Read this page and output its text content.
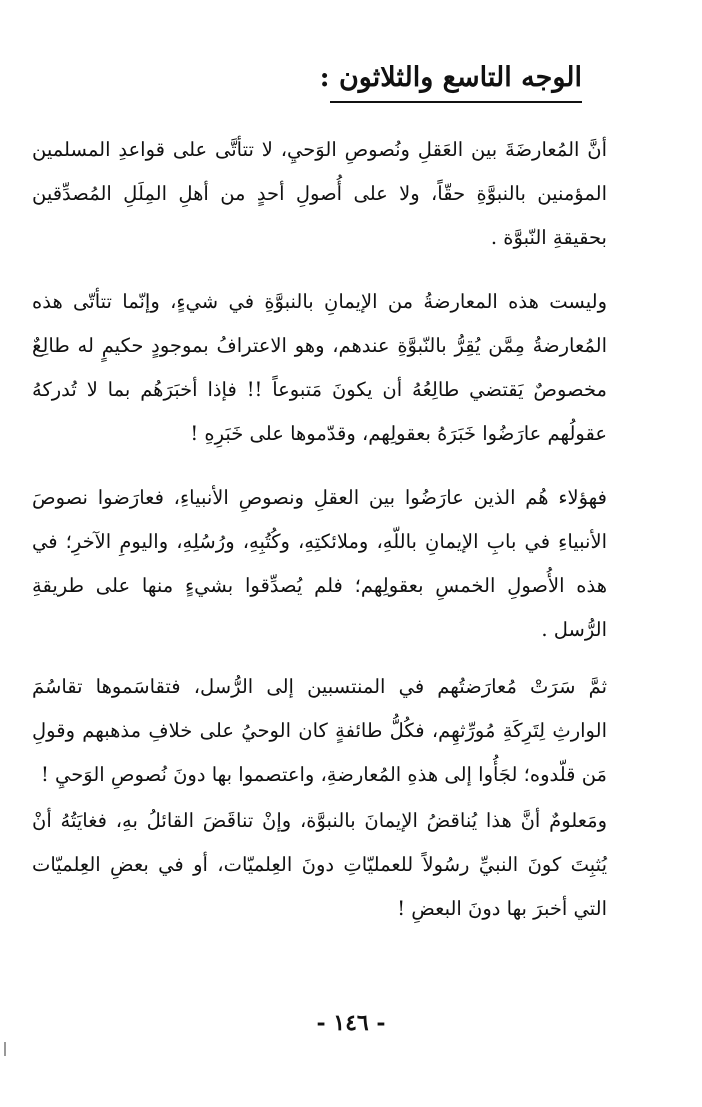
الوجه التاسع والثلاثون :
أنَّ المُعارضَةَ بين العَقلِ ونُصوصِ الوَحيِ، لا تتأتَّى على قواعدِ المسلمين المؤمنين بالنبوَّةِ حقّاً، ولا على أُصولِ أحدٍ من أهلِ المِلَلِ المُصدِّقين بحقيقةِ النّبوَّة .
وليست هذه المعارضةُ من الإيمانِ بالنبوَّةِ في شيءٍ، وإنّما تتأتّى هذه المُعارضةُ مِمَّن يُقِرُّ بالنّبوَّةِ عندهم، وهو الاعترافُ بموجودٍ حكيمٍ له طالِعٌ مخصوصٌ يَقتضي طالِعُهُ أن يكونَ مَتبوعاً !! فإذا أخبَرَهُم بما لا تُدركهُ عقولُهم عارَضُوا خَبَرَهُ بعقولِهم، وقدّموها على خَبَرِهِ !
فهؤلاء هُم الذين عارَضُوا بين العقلِ ونصوصِ الأنبياءِ، فعارَضوا نصوصَ الأنبياءِ في بابِ الإيمانِ باللّهِ، وملائكتِهِ، وكُتُبِهِ، ورُسُلِهِ، واليومِ الآخرِ؛ في هذه الأُصولِ الخمسِ بعقولِهم؛ فلم يُصدِّقوا بشيءٍ منها على طريقةِ الرُّسل .
ثمَّ سَرَتْ مُعارَضتُهم في المنتسبين إلى الرُّسل، فتقاسَموها تقاسُمَ الوارثِ لِتَرِكَةِ مُورِّثهِم، فكُلُّ طائفةٍ كان الوحيُ على خلافِ مذهبهم وقولِ مَن قلّدوه؛ لجَأُوا إلى هذهِ المُعارضةِ، واعتصموا بها دونَ نُصوصِ الوَحيِ !
ومَعلومٌ أنَّ هذا يُناقضُ الإيمانَ بالنبوَّة، وإنْ تناقَضَ القائلُ بهِ، فغايَتُهُ أنْ يُثبِتَ كونَ النبيِّ رسُولاً للعمليّاتِ دونَ العِلميّات، أو في بعضِ العِلميّات التي أخبرَ بها دونَ البعضِ !
- ١٤٦ -
